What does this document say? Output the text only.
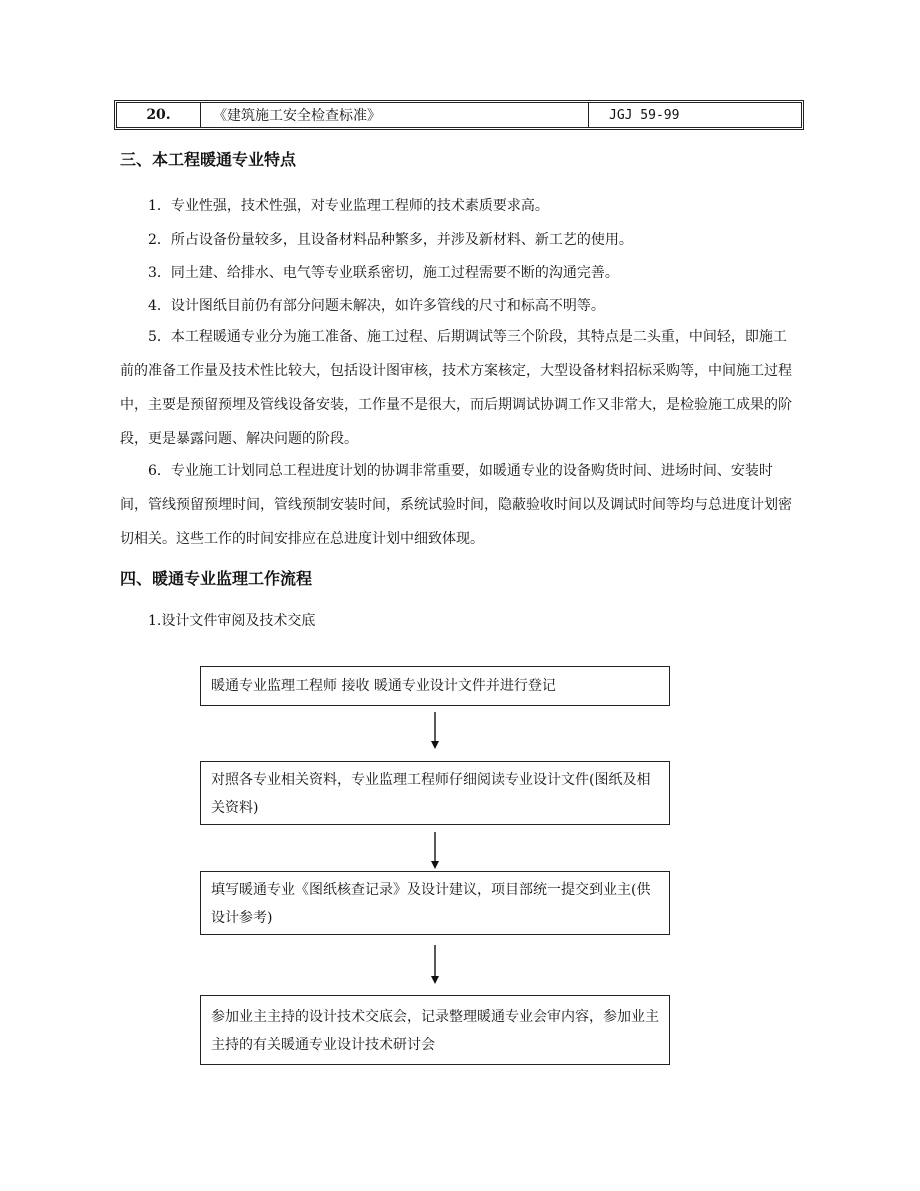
20.	《建筑施工安全检查标准》	JGJ 59-99
三、本工程暖通专业特点
1．专业性强，技术性强，对专业监理工程师的技术素质要求高。
2．所占设备份量较多，且设备材料品种繁多，并涉及新材料、新工艺的使用。
3．同土建、给排水、电气等专业联系密切，施工过程需要不断的沟通完善。
4．设计图纸目前仍有部分问题未解决，如许多管线的尺寸和标高不明等。
5．本工程暖通专业分为施工准备、施工过程、后期调试等三个阶段，其特点是二头重，中间轻，即施工前的准备工作量及技术性比较大，包括设计图审核，技术方案核定，大型设备材料招标采购等，中间施工过程中，主要是预留预埋及管线设备安装，工作量不是很大，而后期调试协调工作又非常大，是检验施工成果的阶段，更是暴露问题、解决问题的阶段。
6．专业施工计划同总工程进度计划的协调非常重要，如暖通专业的设备购货时间、进场时间、安装时间，管线预留预埋时间，管线预制安装时间，系统试验时间，隐蔽验收时间以及调试时间等均与总进度计划密切相关。这些工作的时间安排应在总进度计划中细致体现。
四、暖通专业监理工作流程
1.设计文件审阅及技术交底
暖通专业监理工程师 接收 暖通专业设计文件并进行登记
对照各专业相关资料，专业监理工程师仔细阅读专业设计文件(图纸及相关资料)
填写暖通专业《图纸核查记录》及设计建议，项目部统一提交到业主(供设计参考)
参加业主主持的设计技术交底会，记录整理暖通专业会审内容，参加业主主持的有关暖通专业设计技术研讨会
